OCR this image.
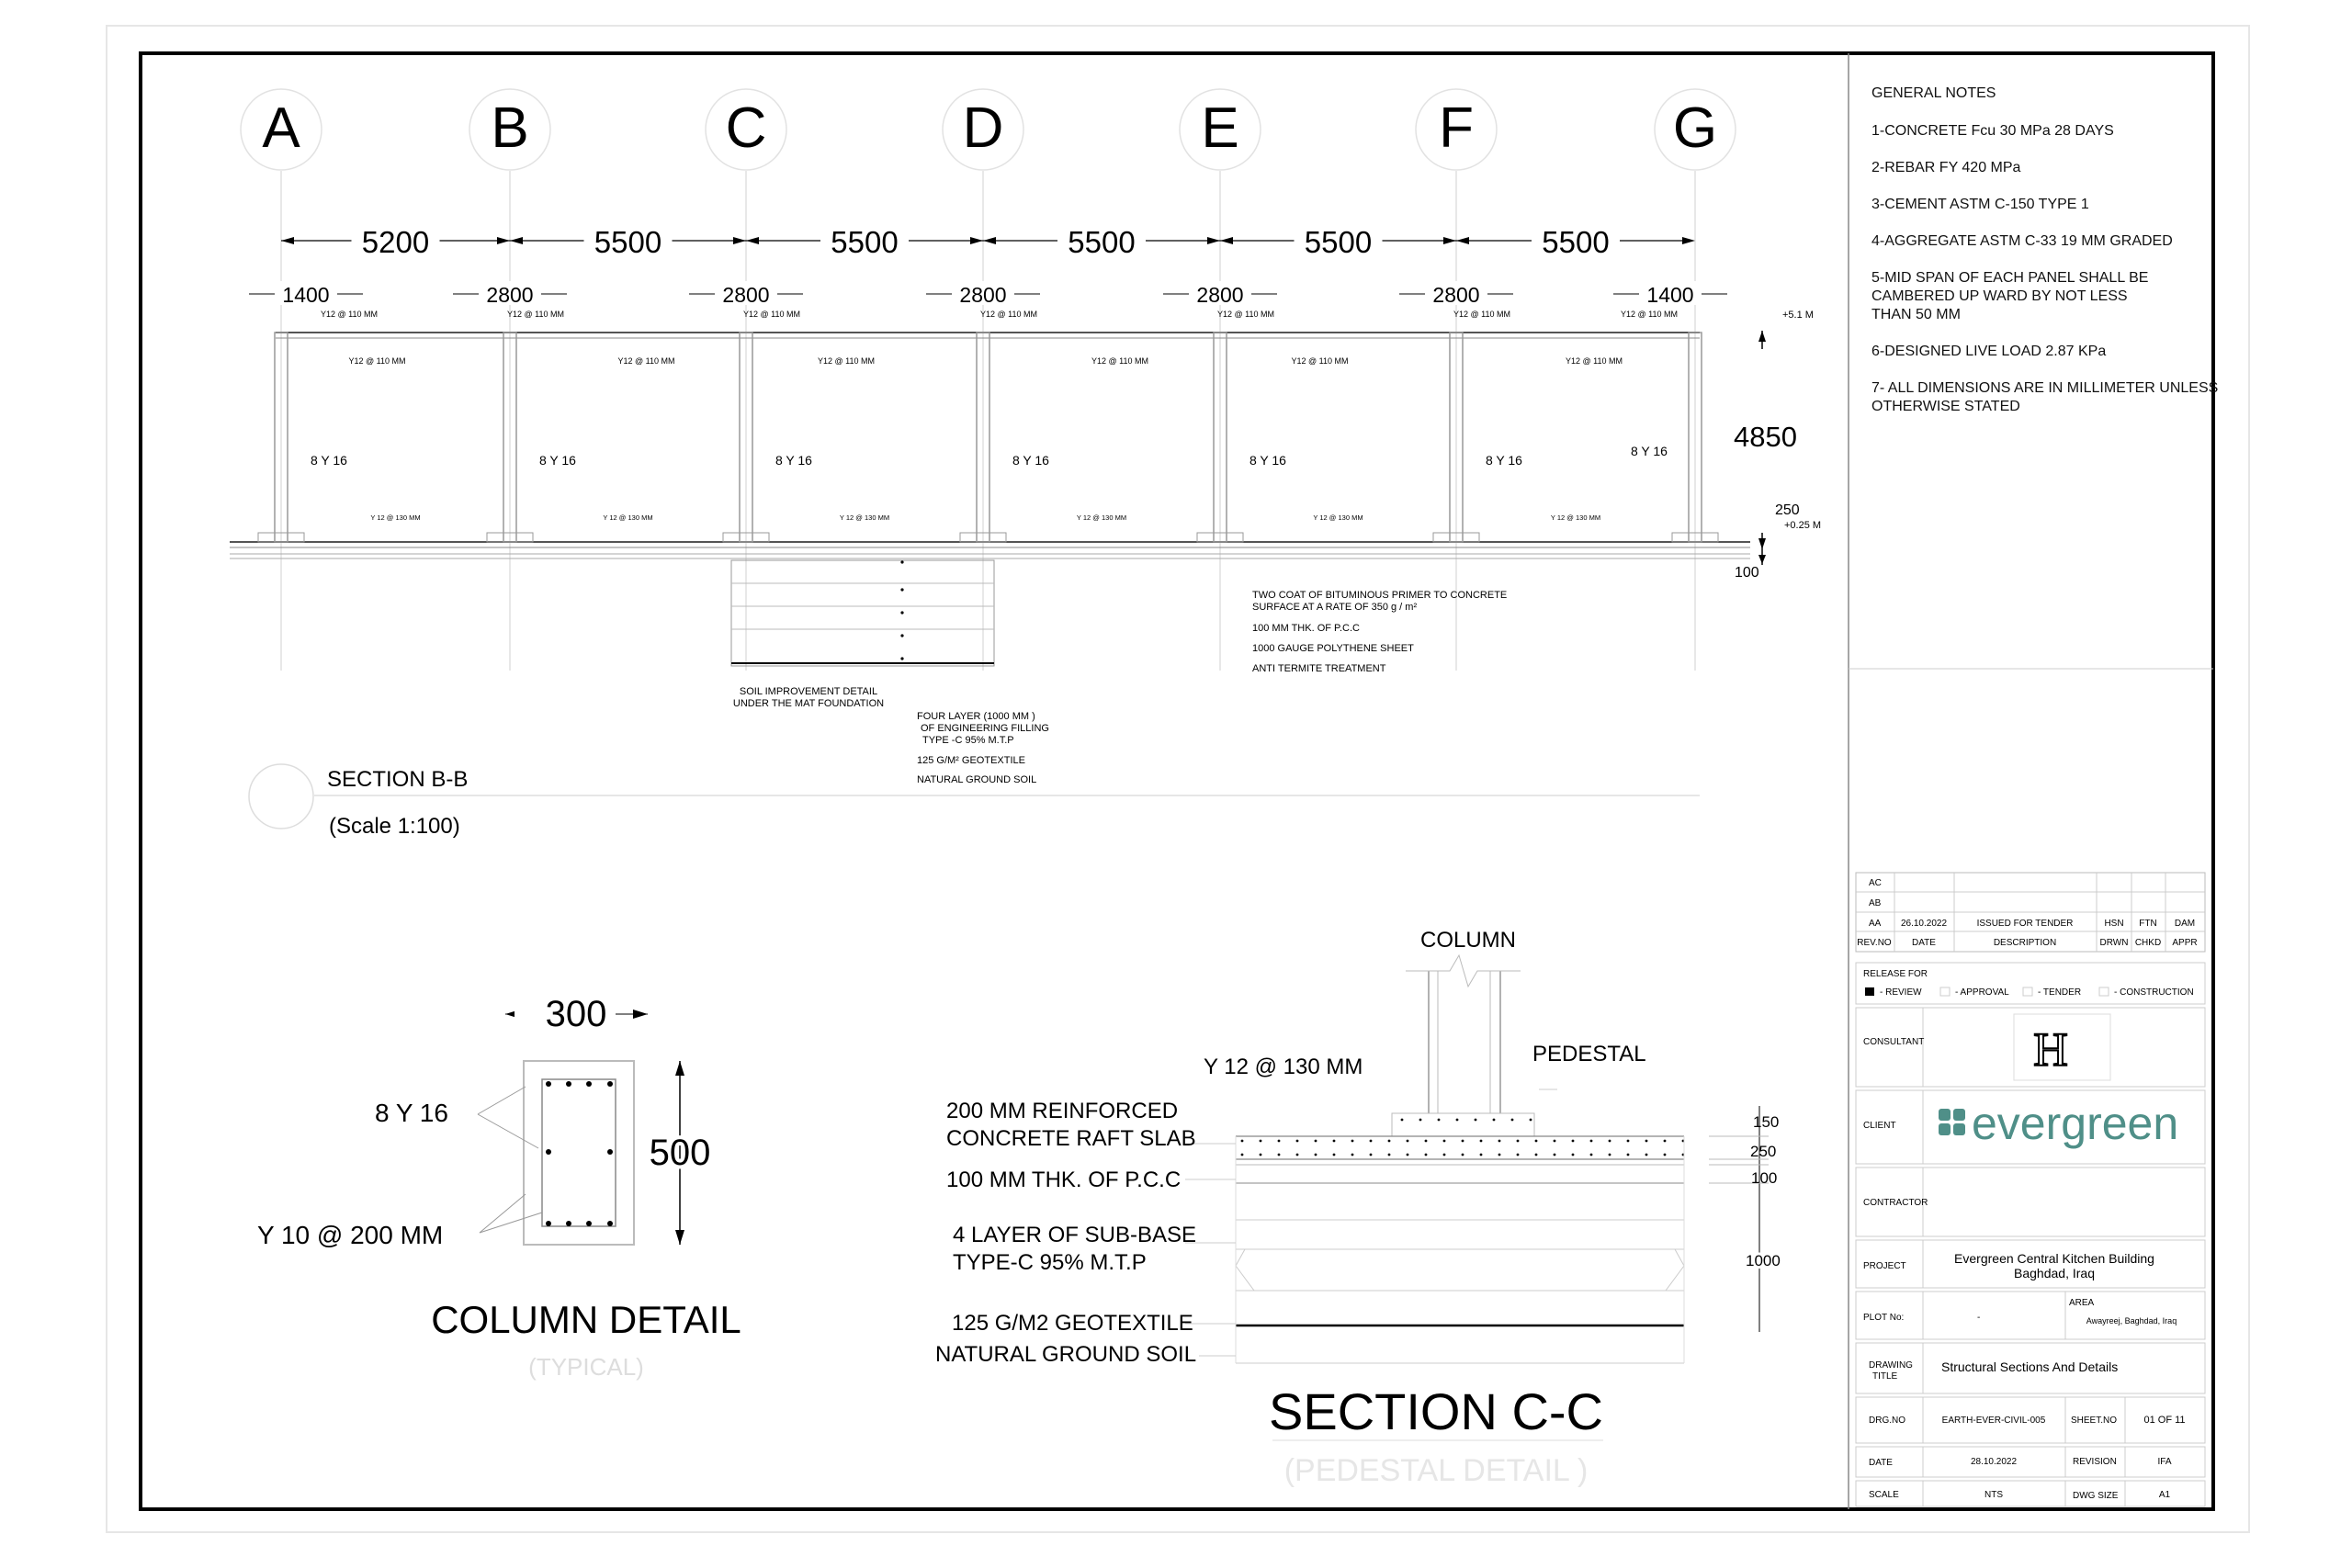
A	B	C	D	E	F	G
5200	5500	5500	5500	5500	5500
1400	2800	2800	2800	2800	2800	1400
Y12 @ 110 MM
Y12 @ 110 MM
Y 12 @ 130 MM
8 Y 16
Y12 @ 110 MM
Y12 @ 110 MM
Y 12 @ 130 MM
8 Y 16
Y12 @ 110 MM
Y12 @ 110 MM
Y 12 @ 130 MM
8 Y 16
Y12 @ 110 MM
Y12 @ 110 MM
Y 12 @ 130 MM
8 Y 16
Y12 @ 110 MM
Y12 @ 110 MM
Y 12 @ 130 MM
8 Y 16
Y12 @ 110 MM
Y12 @ 110 MM
Y 12 @ 130 MM
8 Y 16
Y12 @ 110 MM
8 Y 16
+5.1 M
4850
250
+0.25 M
100
SOIL IMPROVEMENT DETAIL
UNDER THE MAT FOUNDATION
FOUR LAYER (1000 MM )
OF ENGINEERING FILLING
TYPE -C 95% M.T.P
125 G/M² GEOTEXTILE
NATURAL GROUND SOIL
TWO COAT OF BITUMINOUS PRIMER TO CONCRETE
SURFACE AT A RATE OF 350 g / m²
100 MM THK. OF P.C.C
1000 GAUGE POLYTHENE SHEET
ANTI TERMITE TREATMENT
SECTION B-B
(Scale 1:100)
300
500
8 Y 16
Y 10 @ 200 MM
COLUMN DETAIL
(TYPICAL)
COLUMN
PEDESTAL
Y 12 @ 130 MM
200 MM REINFORCED
CONCRETE RAFT SLAB
100 MM THK. OF P.C.C
4 LAYER OF SUB-BASE
TYPE-C 95% M.T.P
125 G/M2 GEOTEXTILE
NATURAL GROUND SOIL
150
250
100
1000
SECTION C-C
(PEDESTAL DETAIL )
AC
AB
AA 26.10.2022	ISSUED FOR TENDER	HSN FTN DAM
REV.NO DATE	DESCRIPTION	DRWN CHKD APPR
RELEASE FOR
- REVIEW	- APPROVAL	- TENDER	- CONSTRUCTION
CONSULTANT H
CLIENT evergreen
CONTRACTOR
PROJECT
Evergreen Central Kitchen Building
Baghdad, Iraq
PLOT No:	-
AREA
Awayreej, Baghdad, Iraq
DRAWING
TITLE
Structural Sections And Details
DRG.NO	EARTH-EVER-CIVIL-005	SHEET.NO	01 OF 11
DATE	28.10.2022	REVISION	IFA
SCALE	NTS	DWG SIZE	A1
GENERAL NOTES
1-CONCRETE Fcu 30 MPa 28 DAYS
2-REBAR FY 420 MPa
3-CEMENT ASTM C-150 TYPE 1
4-AGGREGATE ASTM C-33 19 MM GRADED
5-MID SPAN OF EACH PANEL SHALL BE
CAMBERED UP WARD BY NOT LESS
THAN 50 MM
6-DESIGNED LIVE LOAD 2.87 KPa
7- ALL DIMENSIONS ARE IN MILLIMETER UNLESS
OTHERWISE STATED
